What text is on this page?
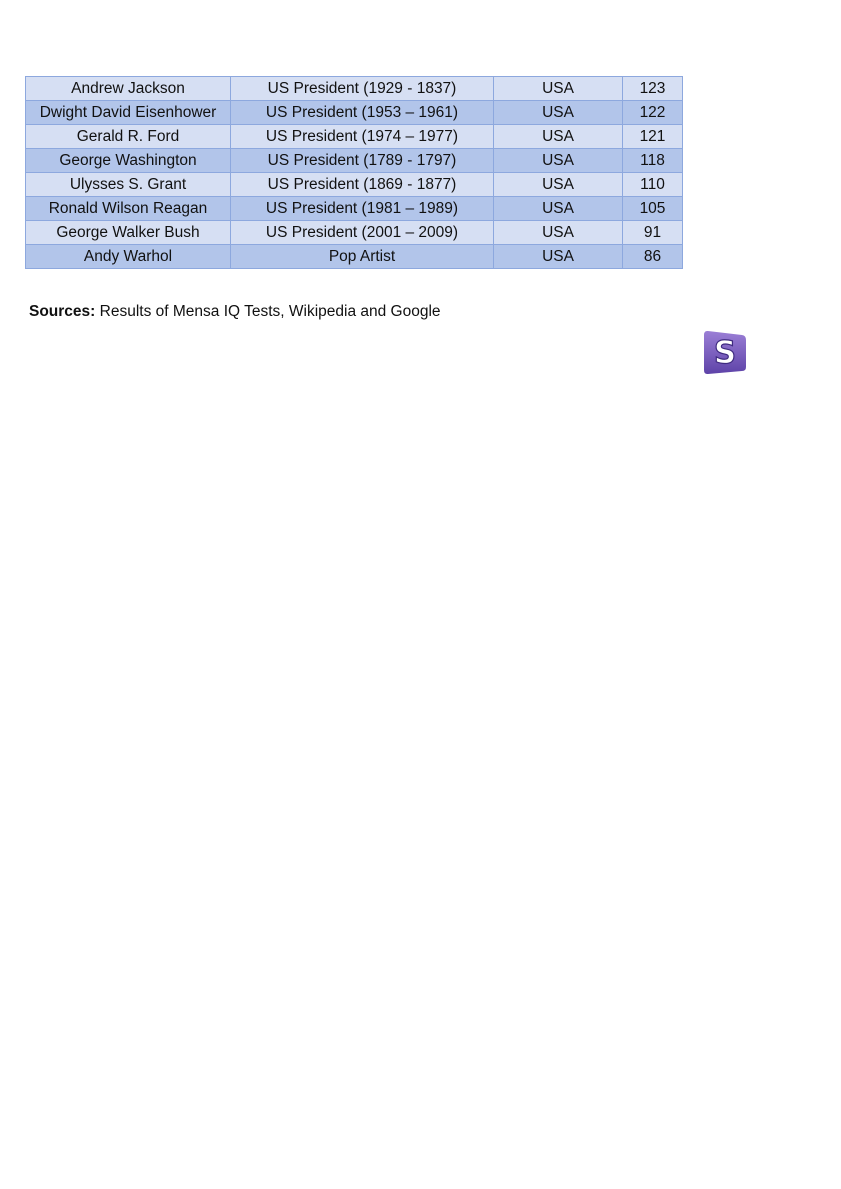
Andrew Jackson	US President (1929 - 1837)	USA	123
Dwight David Eisenhower	US President (1953 – 1961)	USA	122
Gerald R. Ford	US President (1974 – 1977)	USA	121
George Washington	US President (1789 - 1797)	USA	118
Ulysses S. Grant	US President (1869 - 1877)	USA	110
Ronald Wilson Reagan	US President (1981 – 1989)	USA	105
George Walker Bush	US President (2001 – 2009)	USA	91
Andy Warhol	Pop Artist	USA	86

Sources: Results of Mensa IQ Tests, Wikipedia and Google

S
